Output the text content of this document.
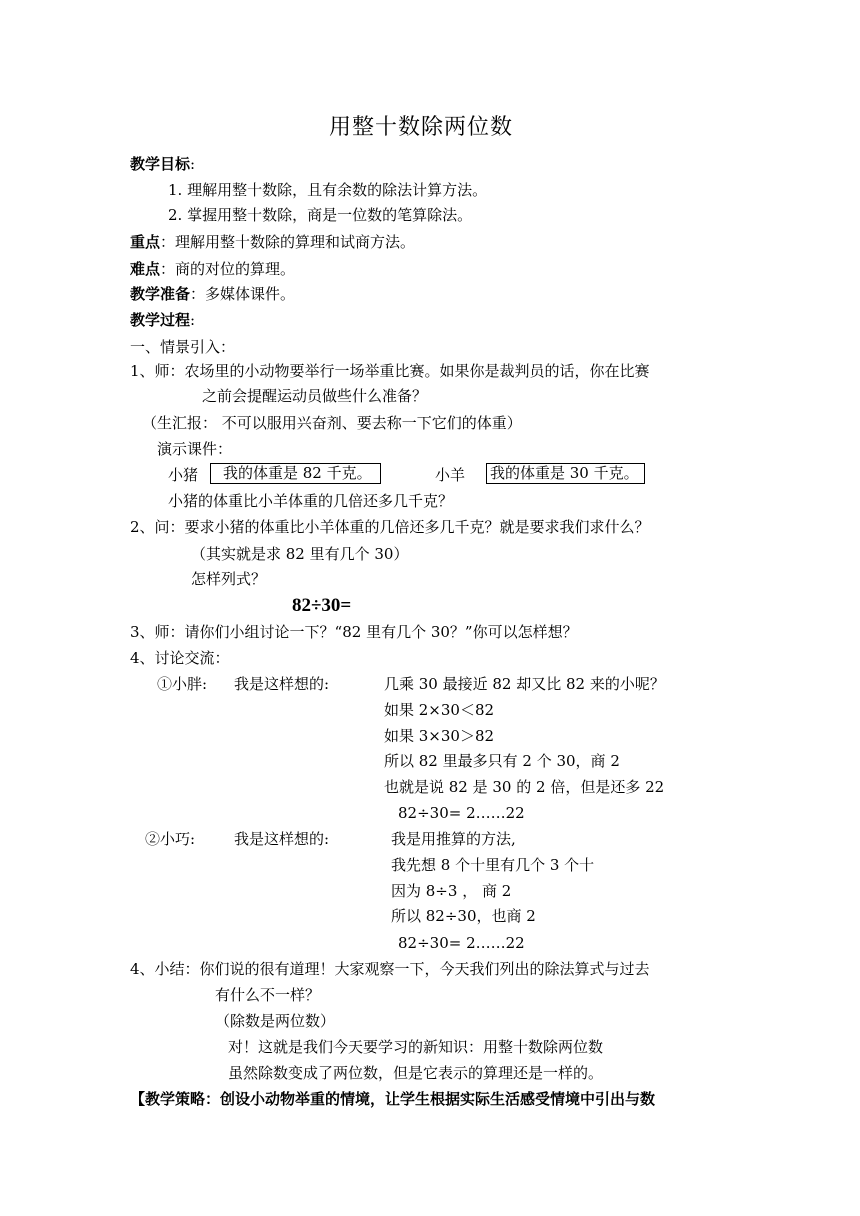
用整十数除两位数
教学目标:
1. 理解用整十数除，且有余数的除法计算方法。
2. 掌握用整十数除，商是一位数的笔算除法。
重点：理解用整十数除的算理和试商方法。
难点：商的对位的算理。
教学准备：多媒体课件。
教学过程:
一、情景引入：
1、师：农场里的小动物要举行一场举重比赛。如果你是裁判员的话，你在比赛
之前会提醒运动员做些什么准备？
（生汇报： 不可以服用兴奋剂、要去称一下它们的体重）
演示课件：
小猪	我的体重是 82 千克。	小羊 我的体重是 30 千克。
小猪的体重比小羊体重的几倍还多几千克？
2、问：要求小猪的体重比小羊体重的几倍还多几千克？就是要求我们求什么？
（其实就是求 82 里有几个 30）
怎样列式？
82÷30=
3、师：请你们小组讨论一下？“82 里有几个 30？”你可以怎样想？
4、讨论交流：
①小胖: 我是这样想的:	几乘 30 最接近 82 却又比 82 来的小呢？
如果 2×30＜82
如果 3×30＞82
所以 82 里最多只有 2 个 30，商 2
也就是说 82 是 30 的 2 倍，但是还多 22
82÷30= 2……22
②小巧:	我是这样想的:	我是用推算的方法,
我先想 8 个十里有几个 3 个十
因为 8÷3 ， 商 2
所以 82÷30，也商 2
82÷30= 2……22
4、小结：你们说的很有道理！大家观察一下，今天我们列出的除法算式与过去
有什么不一样？
（除数是两位数）
对！这就是我们今天要学习的新知识：用整十数除两位数
虽然除数变成了两位数，但是它表示的算理还是一样的。
【教学策略：创设小动物举重的情境，让学生根据实际生活感受情境中引出与数
